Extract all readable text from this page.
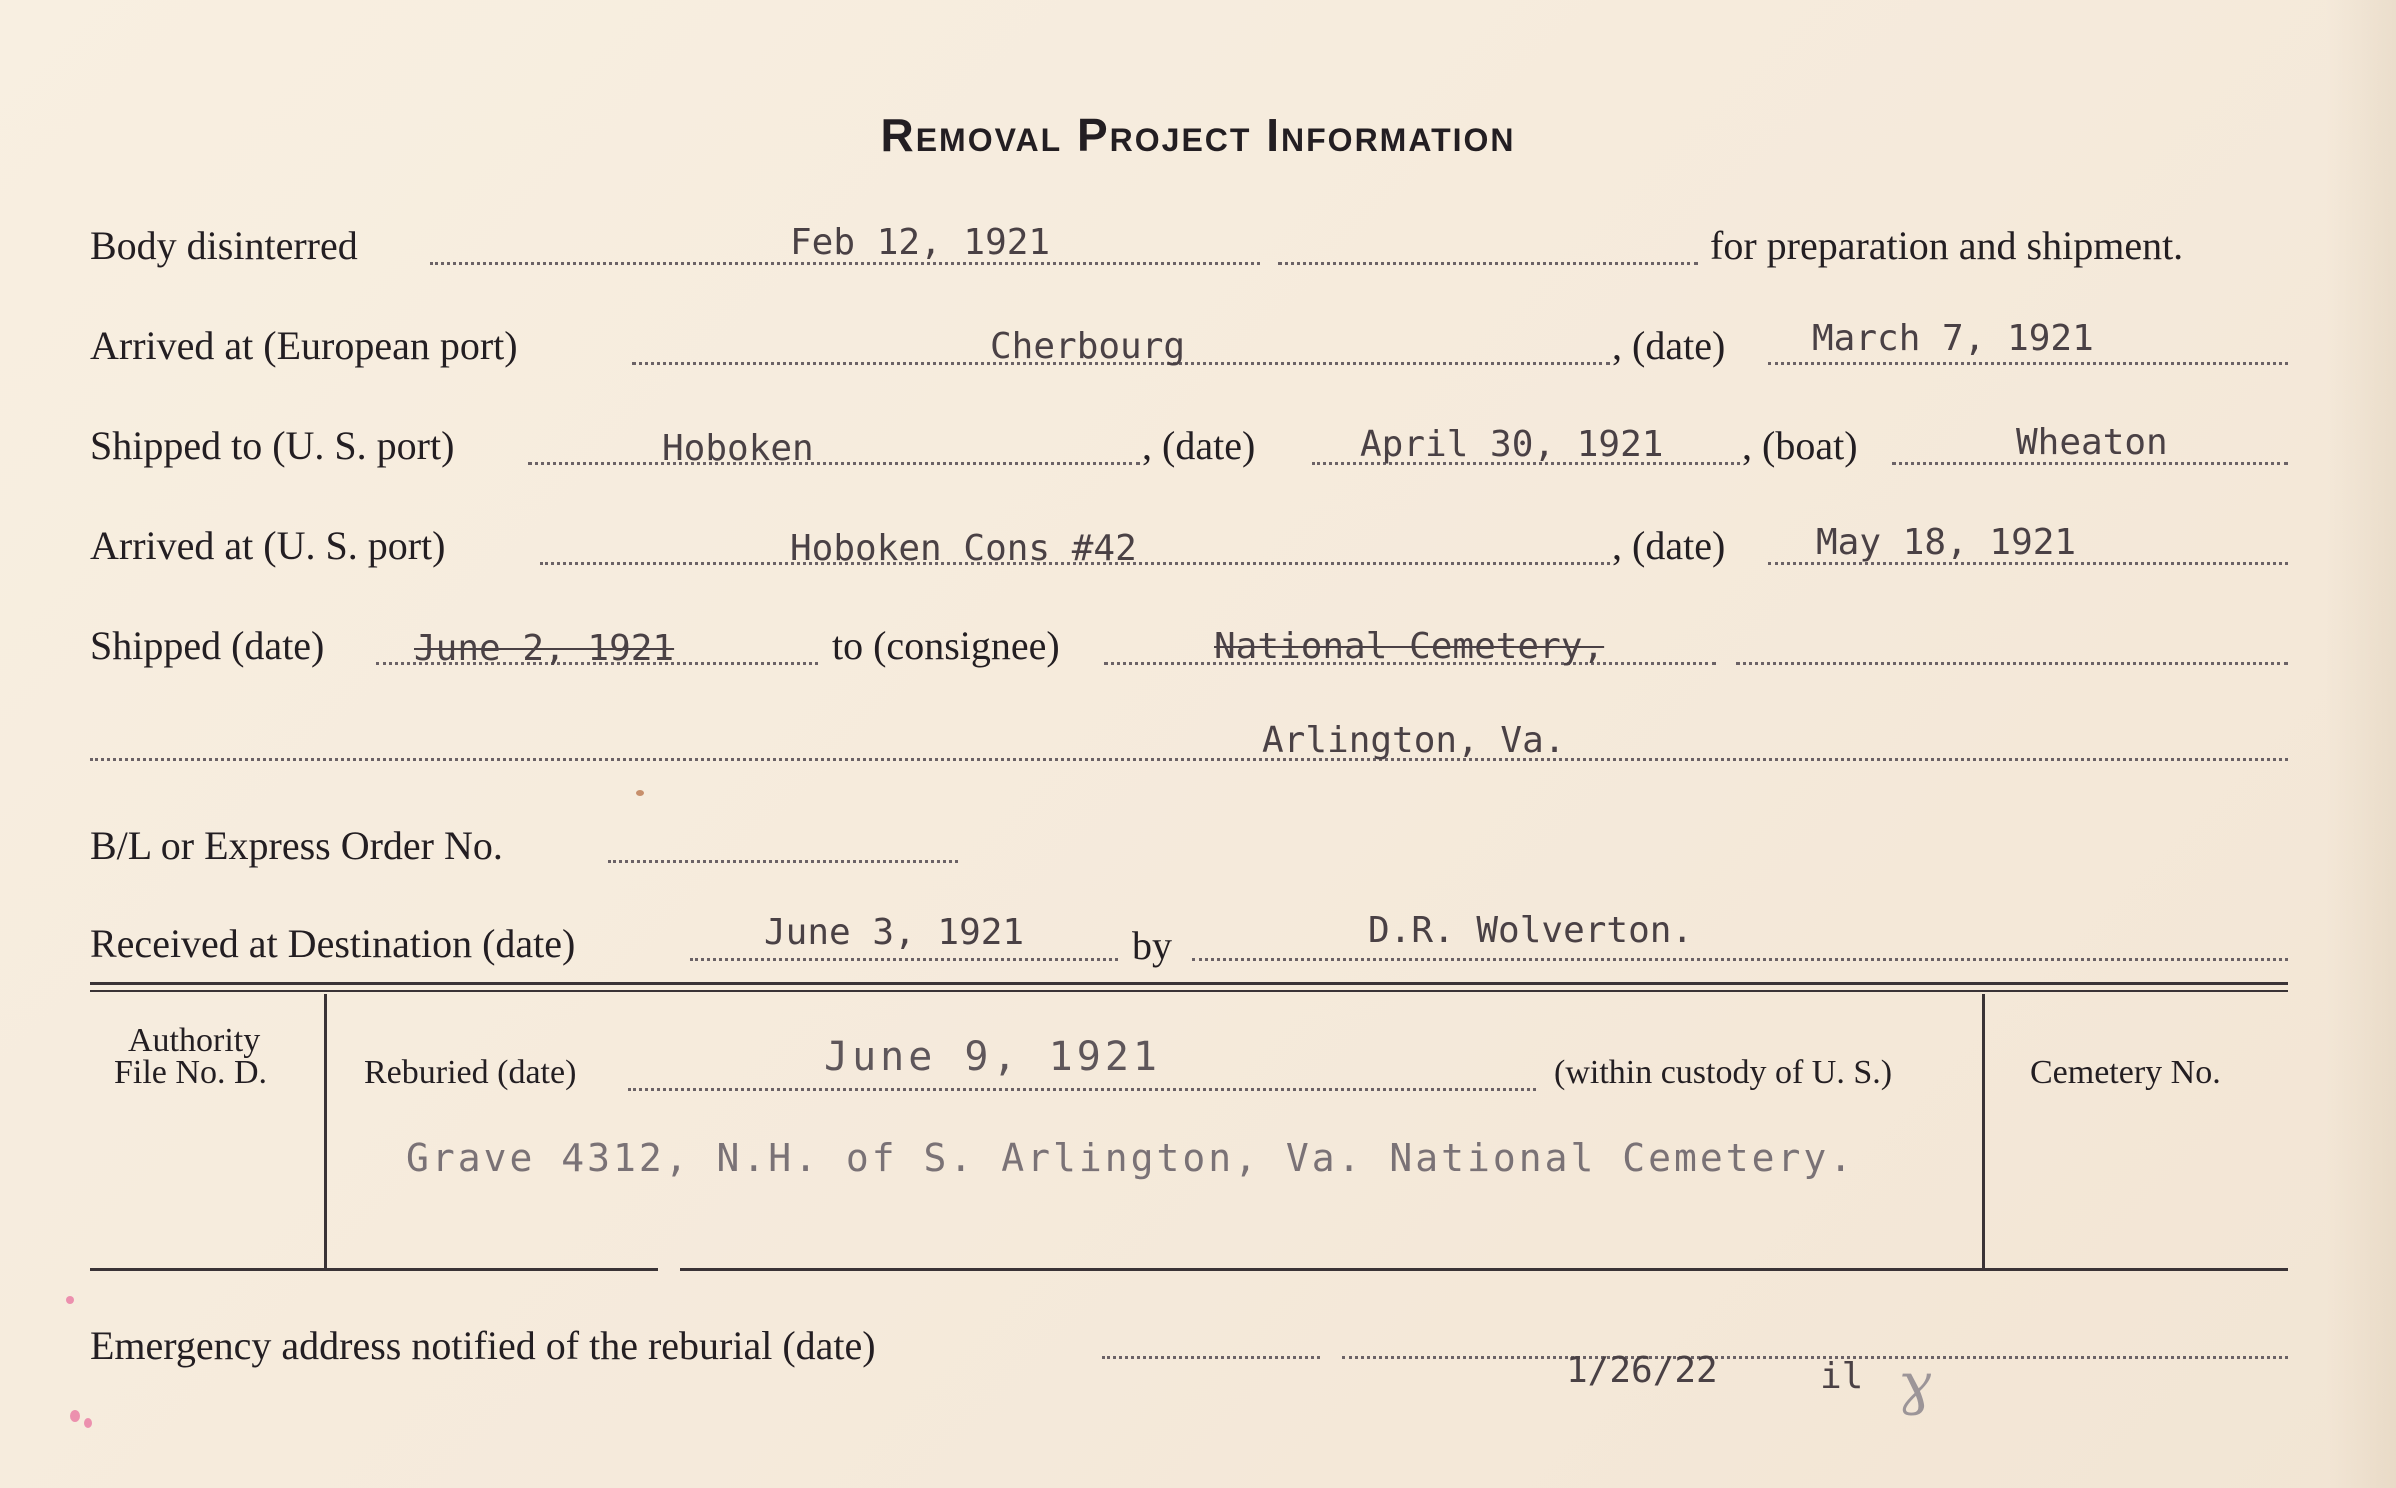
Removal Project Information
Body disinterred	Feb 12, 1921	for preparation and shipment.
Arrived at (European port)	Cherbourg	, (date) March 7, 1921
Shipped to (U. S. port)	Hoboken	, (date)	April 30, 1921 , (boat)	Wheaton
Arrived at (U. S. port)	Hoboken Cons #42	, (date)	May 18, 1921
Shipped (date) June 2, 1921	to (consignee)	National Cemetery,
Arlington, Va.
B/L or Express Order No.
Received at Destination (date)	June 3, 1921	by	D.R. Wolverton.
Authority
File No. D.	Reburied (date)	June 9, 1921	(within custody of U. S.)
Grave 4312, N.H. of S. Arlington, Va. National Cemetery.
Cemetery No.
Emergency address notified of the reburial (date)
1/26/22	il ɣ
